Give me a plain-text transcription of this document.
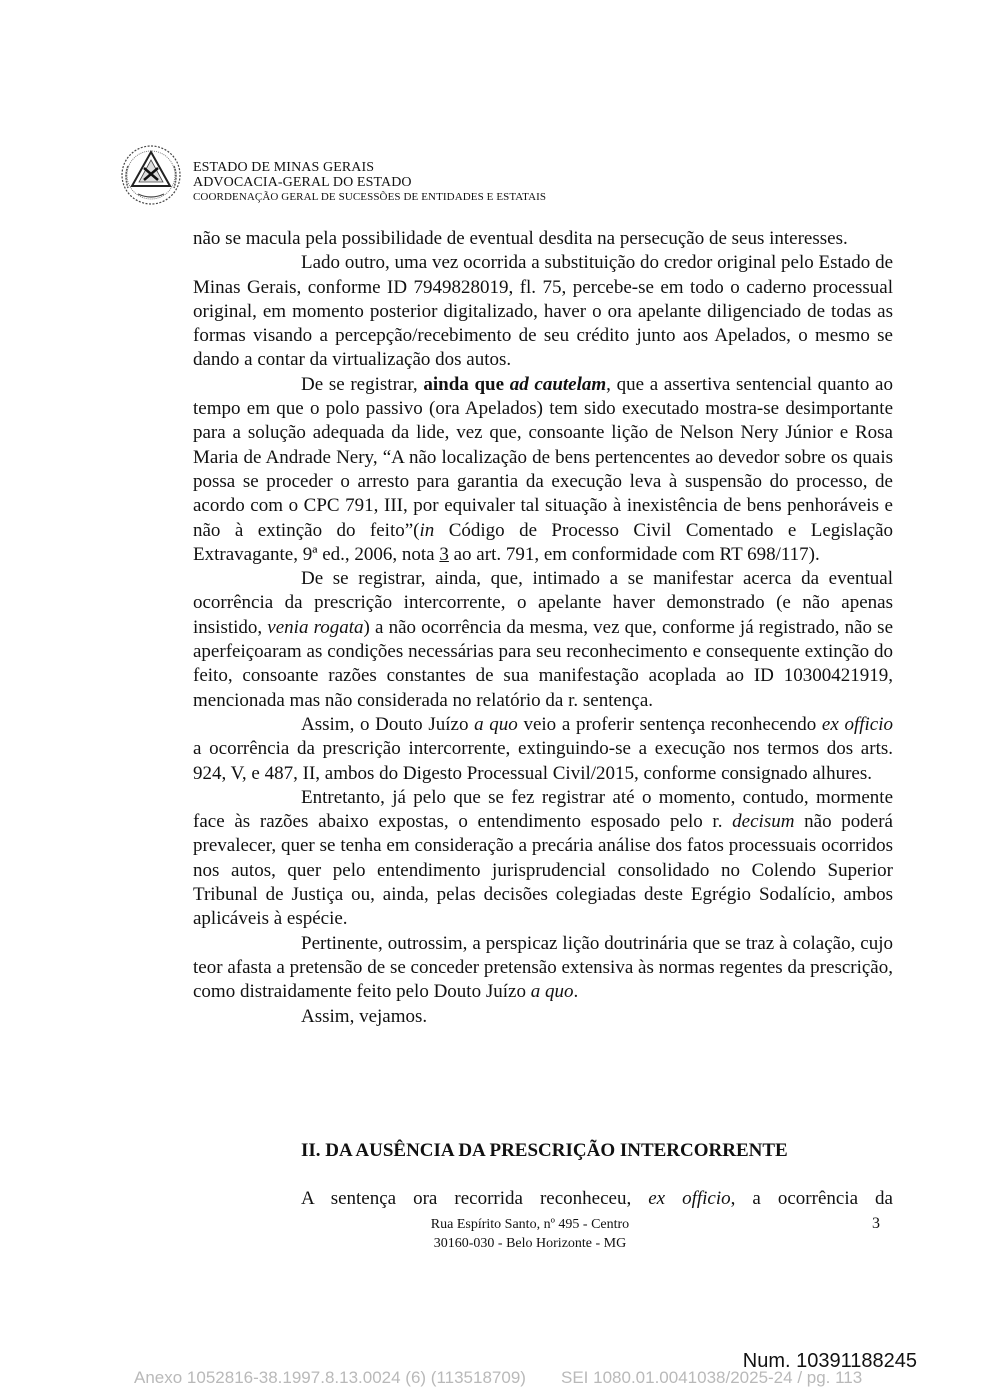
ESTADO DE MINAS GERAIS
ADVOCACIA-GERAL DO ESTADO
COORDENAÇÃO GERAL DE SUCESSÕES DE ENTIDADES E ESTATAIS

não se macula pela possibilidade de eventual desdita na persecução de seus interesses.

Lado outro, uma vez ocorrida a substituição do credor original pelo Estado de Minas Gerais, conforme ID 7949828019, fl. 75, percebe-se em todo o caderno processual original, em momento posterior digitalizado, haver o ora apelante diligenciado de todas as formas visando a percepção/recebimento de seu crédito junto aos Apelados, o mesmo se dando a contar da virtualização dos autos.

De se registrar, ainda que ad cautelam, que a assertiva sentencial quanto ao tempo em que o polo passivo (ora Apelados) tem sido executado mostra-se desimportante para a solução adequada da lide, vez que, consoante lição de Nelson Nery Júnior e Rosa Maria de Andrade Nery, “A não localização de bens pertencentes ao devedor sobre os quais possa se proceder o arresto para garantia da execução leva à suspensão do processo, de acordo com o CPC 791, III, por equivaler tal situação à inexistência de bens penhoráveis e não à extinção do feito”(in Código de Processo Civil Comentado e Legislação Extravagante, 9ª ed., 2006, nota 3 ao art. 791, em conformidade com RT 698/117).

De se registrar, ainda, que, intimado a se manifestar acerca da eventual ocorrência da prescrição intercorrente, o apelante haver demonstrado (e não apenas insistido, venia rogata) a não ocorrência da mesma, vez que, conforme já registrado, não se aperfeiçoaram as condições necessárias para seu reconhecimento e consequente extinção do feito, consoante razões constantes de sua manifestação acoplada ao ID 10300421919, mencionada mas não considerada no relatório da r. sentença.

Assim, o Douto Juízo a quo veio a proferir sentença reconhecendo ex officio a ocorrência da prescrição intercorrente, extinguindo-se a execução nos termos dos arts. 924, V, e 487, II, ambos do Digesto Processual Civil/2015, conforme consignado alhures.

Entretanto, já pelo que se fez registrar até o momento, contudo, mormente face às razões abaixo expostas, o entendimento esposado pelo r. decisum não poderá prevalecer, quer se tenha em consideração a precária análise dos fatos processuais ocorridos nos autos, quer pelo entendimento jurisprudencial consolidado no Colendo Superior Tribunal de Justiça ou, ainda, pelas decisões colegiadas deste Egrégio Sodalício, ambos aplicáveis à espécie.

Pertinente, outrossim, a perspicaz lição doutrinária que se traz à colação, cujo teor afasta a pretensão de se conceder pretensão extensiva às normas regentes da prescrição, como distraidamente feito pelo Douto Juízo a quo.

Assim, vejamos.

II. DA AUSÊNCIA DA PRESCRIÇÃO INTERCORRENTE
A sentença ora recorrida reconheceu, ex officio, a ocorrência da
Rua Espírito Santo, nº 495 - Centro
30160-030 - Belo Horizonte - MG
3
Num. 10391188245
Anexo 1052816-38.1997.8.13.0024 (6) (113518709) SEI 1080.01.0041038/2025-24 / pg. 113
